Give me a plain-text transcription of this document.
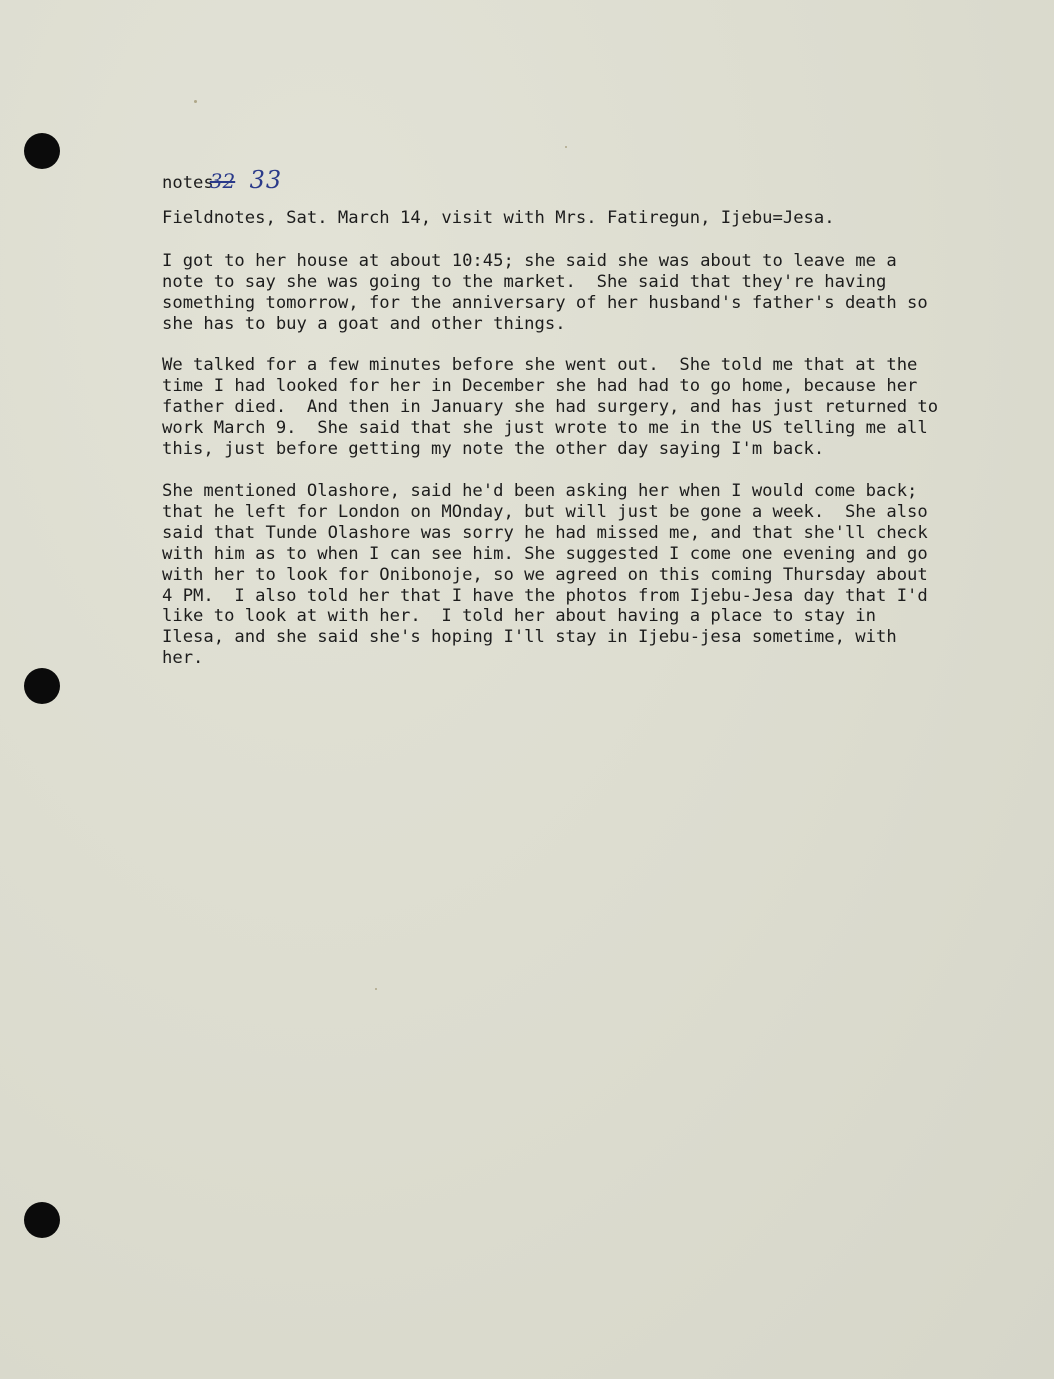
notes32 33

Fieldnotes, Sat. March 14, visit with Mrs. Fatiregun, Ijebu=Jesa.

I got to her house at about 10:45; she said she was about to leave me a
note to say she was going to the market.  She said that they're having
something tomorrow, for the anniversary of her husband's father's death so
she has to buy a goat and other things.

We talked for a few minutes before she went out.  She told me that at the
time I had looked for her in December she had had to go home, because her
father died.  And then in January she had surgery, and has just returned to
work March 9.  She said that she just wrote to me in the US telling me all
this, just before getting my note the other day saying I'm back.

She mentioned Olashore, said he'd been asking her when I would come back;
that he left for London on MOnday, but will just be gone a week.  She also
said that Tunde Olashore was sorry he had missed me, and that she'll check
with him as to when I can see him. She suggested I come one evening and go
with her to look for Onibonoje, so we agreed on this coming Thursday about
4 PM.  I also told her that I have the photos from Ijebu-Jesa day that I'd
like to look at with her.  I told her about having a place to stay in
Ilesa, and she said she's hoping I'll stay in Ijebu-jesa sometime, with
her.
